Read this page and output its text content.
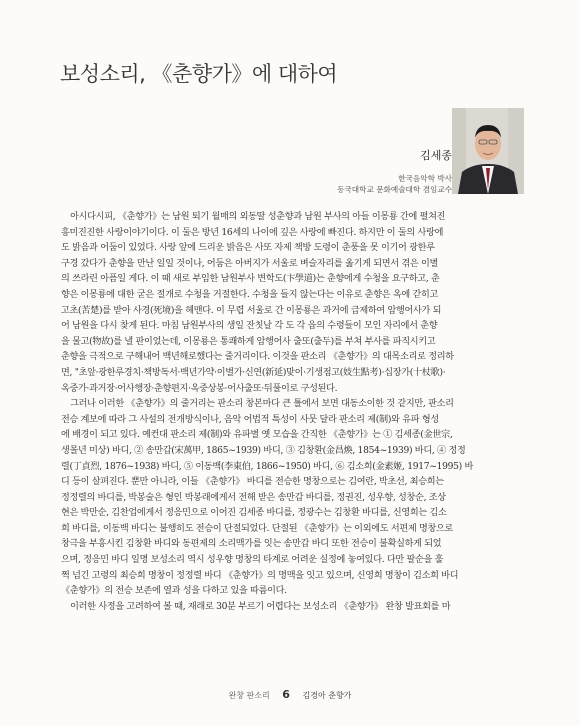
보성소리, 《춘향가》에 대하여
김세종
한국음악학 박사
동국대학교 문화예술대학 겸임교수
아시다시피, 《춘향가》는 남원 퇴기 월매의 외동딸 성춘향과 남원 부사의 아들 이몽룡 간에 펼쳐진
흥미진진한 사랑이야기이다. 이 둘은 방년 16세의 나이에 깊은 사랑에 빠진다. 하지만 이 둘의 사랑에
도 밝음과 어둠이 있었다. 사랑 앞에 드리운 밝음은 사또 자제 책방 도령이 춘풍을 못 이기어 광한루
구경 갔다가 춘향을 만난 일일 것이나, 어둠은 아버지가 서울로 벼슬자리를 옮기게 되면서 겪은 이별
의 쓰라린 아픔일 게다. 이 때 새로 부임한 남원부사 변학도(卞學道)는 춘향에게 수청을 요구하고, 춘
향은 이몽룡에 대한 굳은 절개로 수청을 거절한다. 수청을 들지 않는다는 이유로 춘향은 옥에 갇히고
고초(苦楚)를 받아 사경(死境)을 헤맨다. 이 무렵 서울로 간 이몽룡은 과거에 급제하여 암행어사가 되
어 남원을 다시 찾게 된다. 마침 남원부사의 생일 잔칫날 각 도 각 읍의 수령들이 모인 자리에서 춘향
을 물고(物故)를 낼 판이었는데, 이몽룡은 통쾌하게 암행어사 출또(출두)를 부쳐 부사를 파직시키고
춘향을 극적으로 구해내어 백년해로했다는 줄거리이다. 이것을 판소리 《춘향가》의 대목소리로 정리하
면, "초앞·광한루경치·책방독서·백년가약·이별가·신연(新延)맞이·기생점고(妓生點考)·십장가(十杖歌)·
옥중가·과거장·어사행장·춘향편지·옥중상봉·어사출또·뒤풀이로 구성된다.
그러나 이러한 《춘향가》의 줄거리는 판소리 창본마다 큰 틀에서 보면 대동소이한 것 같지만, 판소리
전승 계보에 따라 그 사설의 전개방식이나, 음악 어법적 특성이 사뭇 달라 판소리 제(制)와 유파 형성
에 배경이 되고 있다. 예컨대 판소리 제(制)와 유파별 옛 모습을 간직한 《춘향가》는 ① 김세종(金世宗,
생몰년 미상) 바디, ② 송만갑(宋萬甲, 1865~1939) 바디, ③ 김창환(金昌煥, 1854~1939) 바디, ④ 정정
렬(丁貞烈, 1876~1938) 바디, ⑤ 이동백(李東伯, 1866~1950) 바디, ⑥ 김소희(金素姬, 1917~1995) 바
디 등이 살펴진다. 뿐만 아니라, 이들 《춘향가》 바디를 전승한 명창으로는 김여란, 박초선, 최승희는
정정렬의 바디를, 박봉술은 형인 박봉래에게서 전해 받은 송만갑 바디를, 정권진, 성우향, 성창순, 조상
현은 박만순, 김찬업에게서 정응민으로 이어진 김세종 바디를, 정광수는 김창환 바디를, 신영희는 김소
희 바디를, 이동백 바디는 불행히도 전승이 단절되었다. 단절된 《춘향가》는 이외에도 서편제 명창으로
창극을 부흥시킨 김창환 바디와 동편제의 소리맥가를 잇는 송만갑 바디 또한 전승이 불확실하게 되었
으며, 정응민 바디 일명 보성소리 역시 성우향 명창의 타계로 어려운 실정에 놓여있다. 다만 팔순을 훌
쩍 넘긴 고령의 최승희 명창이 정정렬 바디 《춘향가》의 명맥을 잇고 있으며, 신영희 명창이 김소희 바디
《춘향가》의 전승 보존에 열과 성을 다하고 있을 따름이다.
이러한 사정을 고려하여 볼 때, 재래로 30분 부르기 어렵다는 보성소리 《춘향가》 완창 발표회를 마
완창 판소리 6 김경아 춘향가
